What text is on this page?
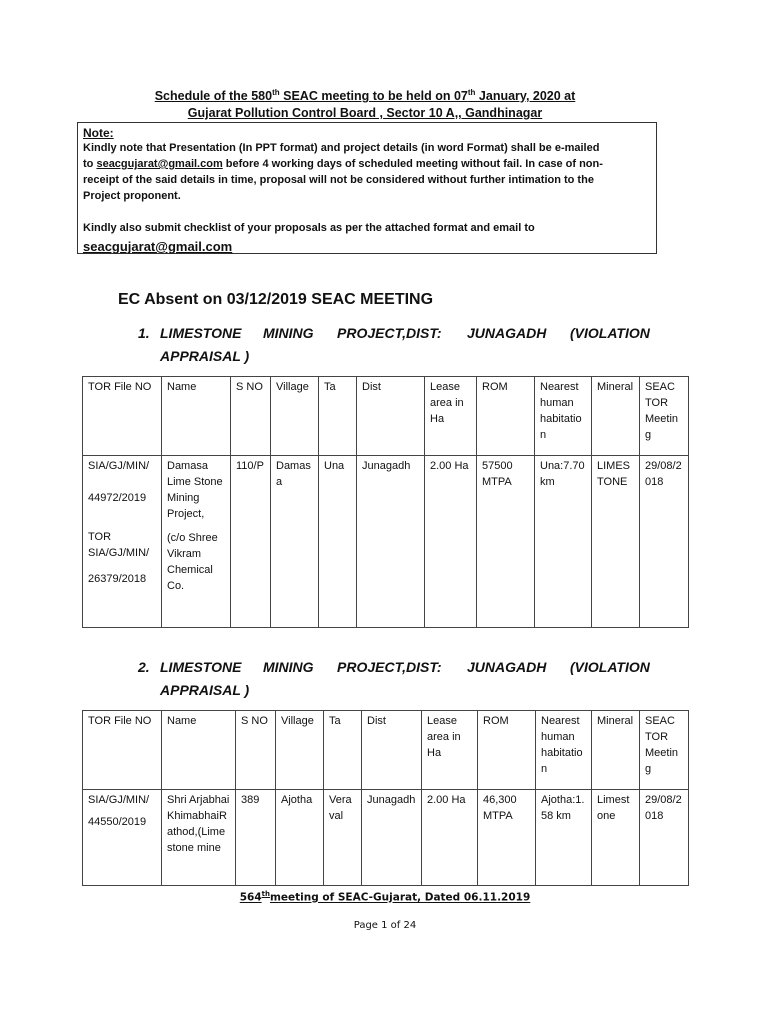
Schedule of the 580th SEAC meeting to be held on 07th January, 2020 at
Gujarat Pollution Control Board , Sector 10 A,, Gandhinagar
Note:
Kindly note that Presentation (In PPT format) and project details (in word Format) shall be e-mailed
to seacgujarat@gmail.com before 4 working days of scheduled meeting without fail. In case of non-
receipt of the said details in time, proposal will not be considered without further intimation to the
Project proponent.
Kindly also submit checklist of your proposals as per the attached format and email to
seacgujarat@gmail.com
EC Absent on 03/12/2019 SEAC MEETING
1. LIMESTONE MINING PROJECT,DIST: JUNAGADH (VIOLATION
APPRAISAL )
TOR File NO	Name	S NO	Village	Ta	Dist	Lease area in Ha	ROM	Nearest human habitation	Mineral	SEAC TOR Meeting

SIA/GJ/MIN/
44972/2019
TOR SIA/GJ/MIN/
26379/2018	Damasa Lime Stone Mining Project,
(c/o Shree Vikram Chemical Co.	110/P	Damasa	Una	Junagadh	2.00 Ha	57500 MTPA	Una:7.70 km	LIMESTONE	29/08/2018
2. LIMESTONE MINING PROJECT,DIST: JUNAGADH (VIOLATION
APPRAISAL )
TOR File NO	Name	S NO	Village	Ta	Dist	Lease area in Ha	ROM	Nearest human habitation	Mineral	SEAC TOR Meeting

SIA/GJ/MIN/
44550/2019	Shri ArjabhaiKhimabhaiRathod,(Lime stone mine	389	Ajotha	Veraval	Junagadh	2.00 Ha	46,300 MTPA	Ajotha:1.58 km	Limestone	29/08/2018
564thmeeting of SEAC-Gujarat, Dated 06.11.2019
Page 1 of 24
